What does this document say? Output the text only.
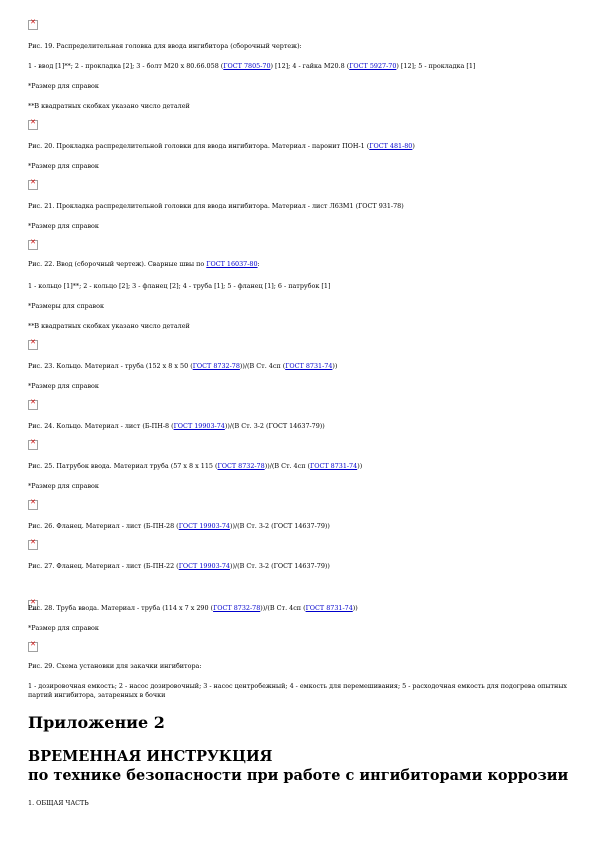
Приложение 2
ВРЕМЕННАЯ ИНСТРУКЦИЯ
по технике безопасности при работе с ингибиторами коррозии
1. ОБЩАЯ ЧАСТЬ
✕
Рис. 19. Распределительная головка для ввода ингибитора (сборочный чертеж):
1 - ввод [1]**; 2 - прокладка [2]; 3 - болт М20 х 80.66.058 (ГОСТ 7805-70) [12]; 4 - гайка М20.8 (ГОСТ 5927-70) [12]; 5 - прокладка [1]
*Размер для справок
**В квадратных скобках указано число деталей
✕
Рис. 20. Прокладка распределительной головки для ввода ингибитора. Материал - паронит ПОН-1 (ГОСТ 481-80)
*Размер для справок
✕
Рис. 21. Прокладка распределительной головки для ввода ингибитора. Материал - лист Л63М1 (ГОСТ 931-78)
*Размер для справок
✕
Рис. 22. Ввод (сборочный чертеж). Сварные швы по ГОСТ 16037-80:
1 - кольцо [1]**; 2 - кольцо [2]; 3 - фланец [2]; 4 - труба [1]; 5 - фланец [1]; 6 - патрубок [1]
*Размеры для справок
**В квадратных скобках указано число деталей
✕
Рис. 23. Кольцо. Материал - труба (152 х 8 х 50 (ГОСТ 8732-78))/(В Ст. 4сп (ГОСТ 8731-74))
*Размер для справок
✕
Рис. 24. Кольцо. Материал - лист (Б-ПН-8 (ГОСТ 19903-74))/(В Ст. 3-2 (ГОСТ 14637-79))
✕
Рис. 25. Патрубок ввода. Материал труба (57 х 8 х 115 (ГОСТ 8732-78))/(В Ст. 4сп (ГОСТ 8731-74))
*Размер для справок
✕
Рис. 26. Фланец. Материал - лист (Б-ПН-28 (ГОСТ 19903-74))/(В Ст. 3-2 (ГОСТ 14637-79))
✕
Рис. 27. Фланец. Материал - лист (Б-ПН-22 (ГОСТ 19903-74))/(В Ст. 3-2 (ГОСТ 14637-79))
✕
Рис. 28. Труба ввода. Материал - труба (114 х 7 х 290 (ГОСТ 8732-78))/(В Ст. 4сп (ГОСТ 8731-74))
*Размер для справок
✕
Рис. 29. Схема установки для закачки ингибитора:
1 - дозировочная емкость; 2 - насос дозировочный; 3 - насос центробежный; 4 - емкость для перемешивания; 5 - расходочная емкость для подогрева опытных партий ингибитора, затаренных в бочки
